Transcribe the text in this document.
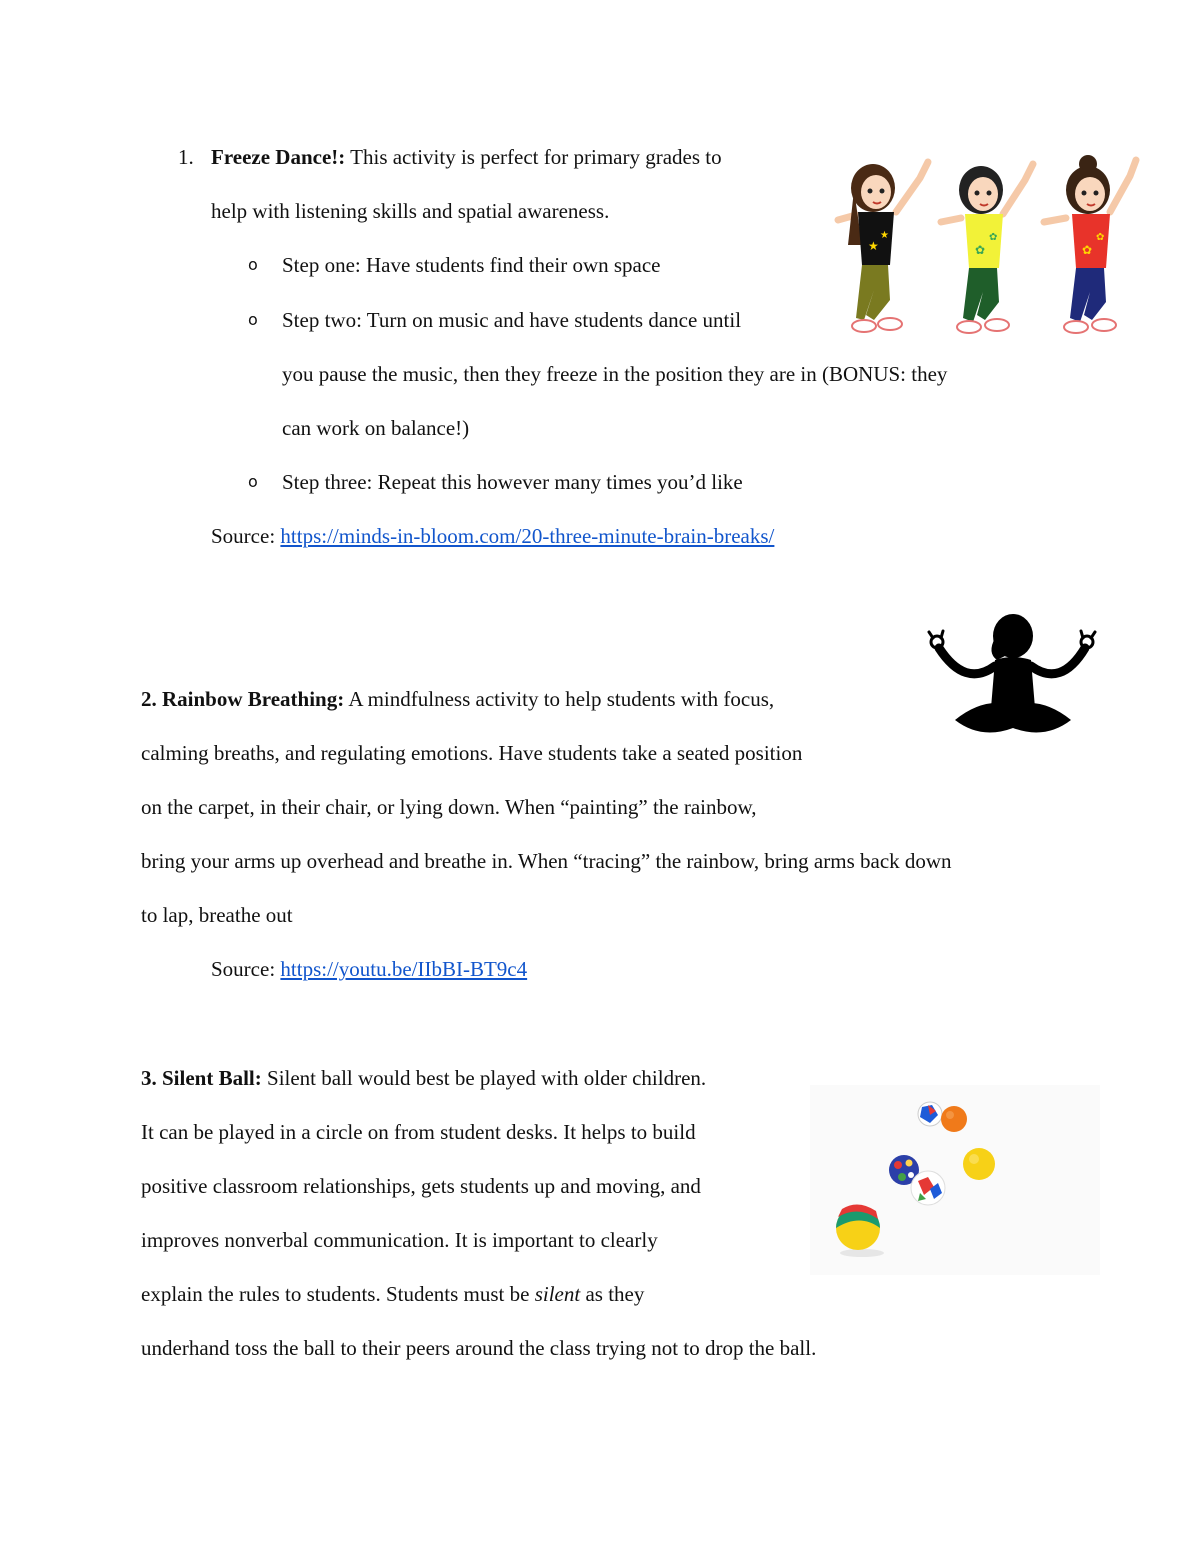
1. Freeze Dance!: This activity is perfect for primary grades to
help with listening skills and spatial awareness.
o Step one: Have students find their own space
o Step two: Turn on music and have students dance until
you pause the music, then they freeze in the position they are in (BONUS: they
can work on balance!)
o Step three: Repeat this however many times you’d like
Source: https://minds-in-bloom.com/20-three-minute-brain-breaks/
★
★
✿
✿
✿
✿
2. Rainbow Breathing: A mindfulness activity to help students with focus,
calming breaths, and regulating emotions. Have students take a seated position
on the carpet, in their chair, or lying down. When “painting” the rainbow,
bring your arms up overhead and breathe in. When “tracing” the rainbow, bring arms back down
to lap, breathe out
Source: https://youtu.be/IIbBI-BT9c4
3. Silent Ball: Silent ball would best be played with older children.
It can be played in a circle on from student desks. It helps to build
positive classroom relationships, gets students up and moving, and
improves nonverbal communication. It is important to clearly
explain the rules to students. Students must be silent as they
underhand toss the ball to their peers around the class trying not to drop the ball.
